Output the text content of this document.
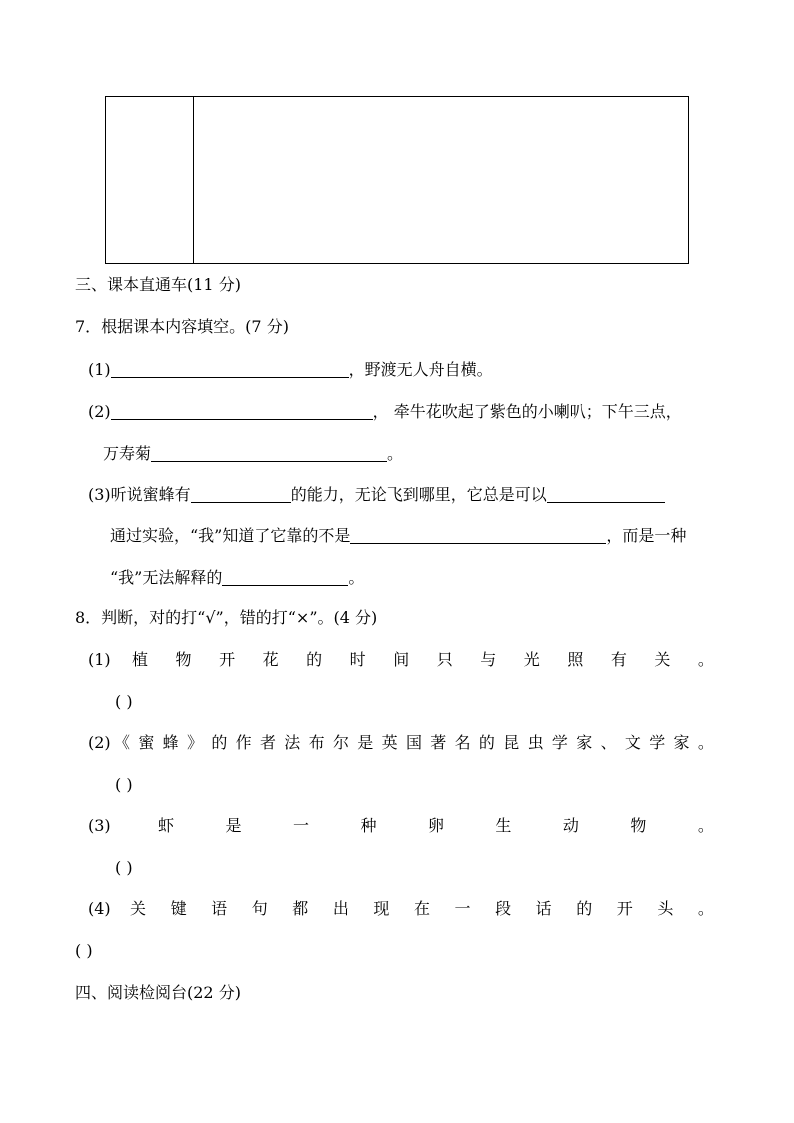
三、课本直通车(11 分)
7．根据课本内容填空。(7 分)
(1)	，野渡无人舟自横。
(2)	， 牵牛花吹起了紫色的小喇叭；下午三点，
万寿菊	。
(3)听说蜜蜂有	的能力，无论飞到哪里，它总是可以
通过实验，“我”知道了它靠的不是	，而是一种
“我”无法解释的	。
8．判断，对的打“√”，错的打“×”。(4 分)
(1) 植 物 开 花 的 时 间 只 与 光 照 有 关 。
( )
(2) 《 蜜 蜂 》 的 作 者 法 布 尔 是 英 国 著 名 的 昆 虫 学 家 、 文 学 家 。
( )
(3)	虾	是	一	种	卵	生	动	物	。
( )
(4) 关 键 语 句 都 出 现 在 一 段 话 的 开 头 。
( )
四、阅读检阅台(22 分)
